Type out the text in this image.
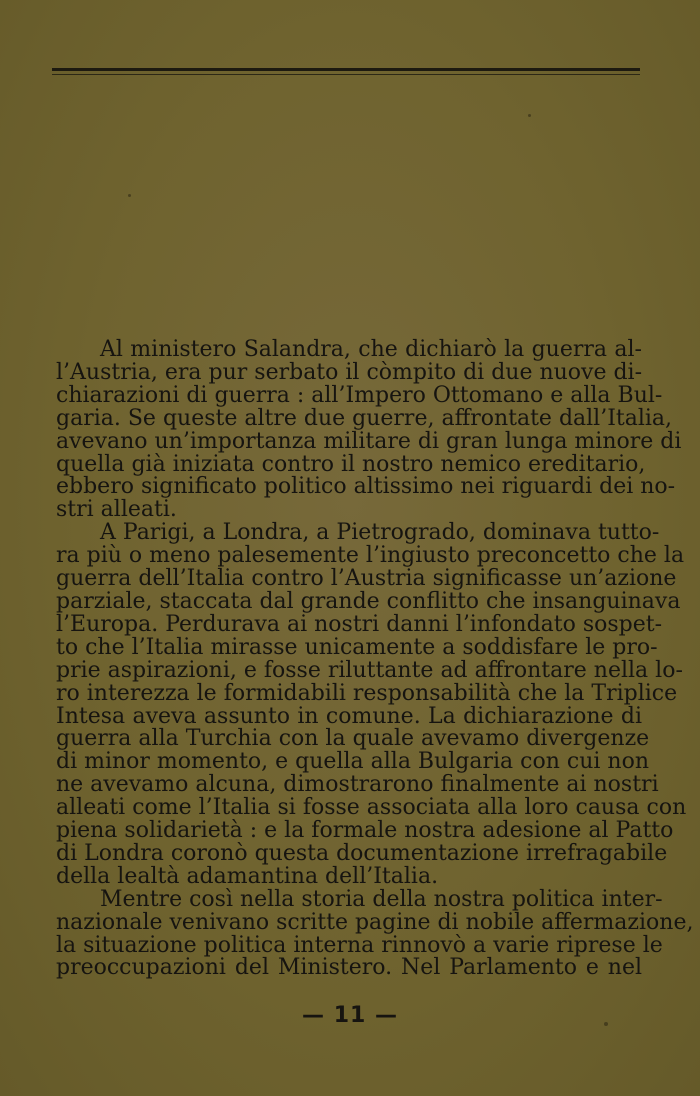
Al ministero Salandra, che dichiarò la guerra al-
l’Austria, era pur serbato il còmpito di due nuove di-
chiarazioni di guerra : all’Impero Ottomano e alla Bul-
garia. Se queste altre due guerre, affrontate dall’Italia,
avevano un’importanza militare di gran lunga minore di
quella già iniziata contro il nostro nemico ereditario,
ebbero significato politico altissimo nei riguardi dei no-
stri alleati.
A Parigi, a Londra, a Pietrogrado, dominava tutto-
ra più o meno palesemente l’ingiusto preconcetto che la
guerra dell’Italia contro l’Austria significasse un’azione
parziale, staccata dal grande conflitto che insanguinava
l’Europa. Perdurava ai nostri danni l’infondato sospet-
to che l’Italia mirasse unicamente a soddisfare le pro-
prie aspirazioni, e fosse riluttante ad affrontare nella lo-
ro interezza le formidabili responsabilità che la Triplice
Intesa aveva assunto in comune. La dichiarazione di
guerra alla Turchia con la quale avevamo divergenze
di minor momento, e quella alla Bulgaria con cui non
ne avevamo alcuna, dimostrarono finalmente ai nostri
alleati come l’Italia si fosse associata alla loro causa con
piena solidarietà : e la formale nostra adesione al Patto
di Londra coronò questa documentazione irrefragabile
della lealtà adamantina dell’Italia.
Mentre così nella storia della nostra politica inter-
nazionale venivano scritte pagine di nobile affermazione,
la situazione politica interna rinnovò a varie riprese le
preoccupazioni del Ministero. Nel Parlamento e nel
— 11 —
